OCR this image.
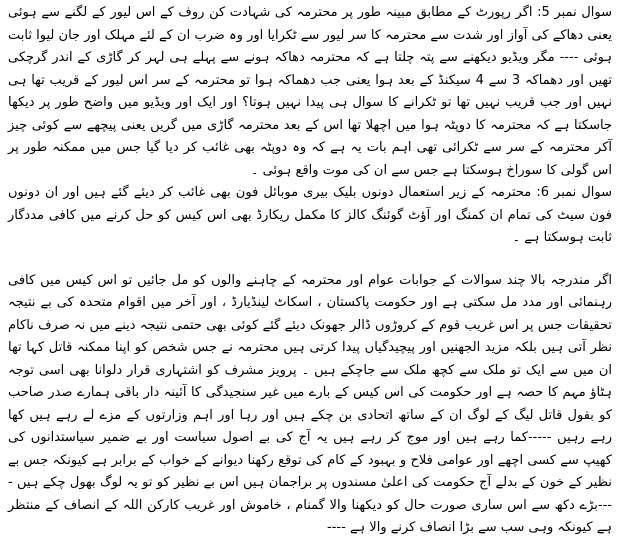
سوال نمبر 5: اگر رپورٹ کے مطابق مبینہ طور پر محترمہ کی شہادت کن روف کے اس لیور کے لگنے سے ہوئی یعنی دھاکے کی آواز اور شدت سے محترمہ کا سر لیور سے ٹکرایا اور وہ ضرب ان کے لئے مہلک اور جان لیوا ثابت ہوئی ---- مگر ویڈیو دیکھنے سے پتہ چلتا ہے کہ محترمہ دھاکہ ہونے سے پہلے ہی لہر کر گاڑی کے اندر گرچکی تھیں اور دھماکہ 3 سے 4 سیکنڈ کے بعد ہوا یعنی جب دھماکہ ہوا تو محترمہ کے سر اس لیور کے قریب تھا ہی نہیں اور جب قریب نہیں تھا تو ٹکرانے کا سوال ہی پیدا نہیں ہوتا؟ اور ایک اور ویڈیو میں واضح طور پر دیکھا جاسکتا ہے کہ محترمہ کا دوپٹہ ہوا میں اچھلا تھا اس کے بعد محترمہ گاڑی میں گریں یعنی پیچھے سے کوئی چیز آکر محترمہ کے سر سے ٹکرائی تھی اہم بات یہ ہے کہ وہ دوپٹہ بھی غائب کر دیا گیا جس میں ممکنہ طور پر اس گولی کا سوراخ ہوسکتا ہے جس سے ان کی موت واقع ہوئی ۔

سوال نمبر 6: محترمہ کے زیر استعمال دونوں بلیک بیری موبائل فون بھی غائب کر دیئے گئے ہیں اور ان دونوں فون سیٹ کی تمام ان کمنگ اور آؤٹ گوئنگ کالز کا مکمل ریکارڈ بھی اس کیس کو حل کرنے میں کافی مددگار ثابت ہوسکتا ہے ۔

اگر مندرجہ بالا چند سوالات کے جوابات عوام اور محترمہ کے چاہنے والوں کو مل جائیں تو اس کیس میں کافی رہنمائی اور مدد مل سکتی ہے اور حکومت پاکستان ، اسکاٹ لینڈیارڈ ، اور آخر میں اقوام متحدہ کی بے نتیجہ تحقیقات جس پر اس غریب قوم کے کروڑوں ڈالر جھونک دیئے گئے کوئی بھی حتمی نتیجہ دینے میں نہ صرف ناکام نظر آتی ہیں بلکہ مزید الجھنیں اور پیچیدگیاں پیدا کرتی ہیں محترمہ نے جس شخص کو اپنا ممکنہ قاتل کہا تھا ان میں سے ایک تو ملک سے کچھ ملک سے جاچکے ہیں ۔ پرویز مشرف کو اشتہاری قرار دلوانا بھی اسی توجہ ہٹاؤ مہم کا حصہ ہے اور حکومت کی اس کیس کے بارے میں غیر سنجیدگی کا آئینہ دار باقی ہمارے صدر صاحب کو بقول قاتل لیگ کے لوگ ان کے ساتھ اتحادی بن چکے ہیں اور رہا اور اہم وزارتوں کے مزے لے رہے ہیں کھا رہے رہیں -----کما رہے ہیں اور موج کر رہے ہیں یہ آج کی بے اصول سیاست اور بے ضمیر سیاستدانوں کی کھیپ سے کسی اچھے اور عوامی فلاح و بہبود کے کام کی توقع رکھنا دیوانے کے خواب کے برابر ہے کیونکہ جس بے نظیر کے خون کے بدلے آج حکومت کی اعلیٰ مسندوں پر براجمان ہیں اس بے نظیر کو تو یہ لوگ بھول چکے ہیں ----بڑے دکھ سے اس ساری صورت حال کو دیکھنا والا گمنام ، خاموش اور غریب کارکن اللہ کے انصاف کے منتظر ہے کیونکہ وہی سب سے بڑا انصاف کرنے والا ہے ----
